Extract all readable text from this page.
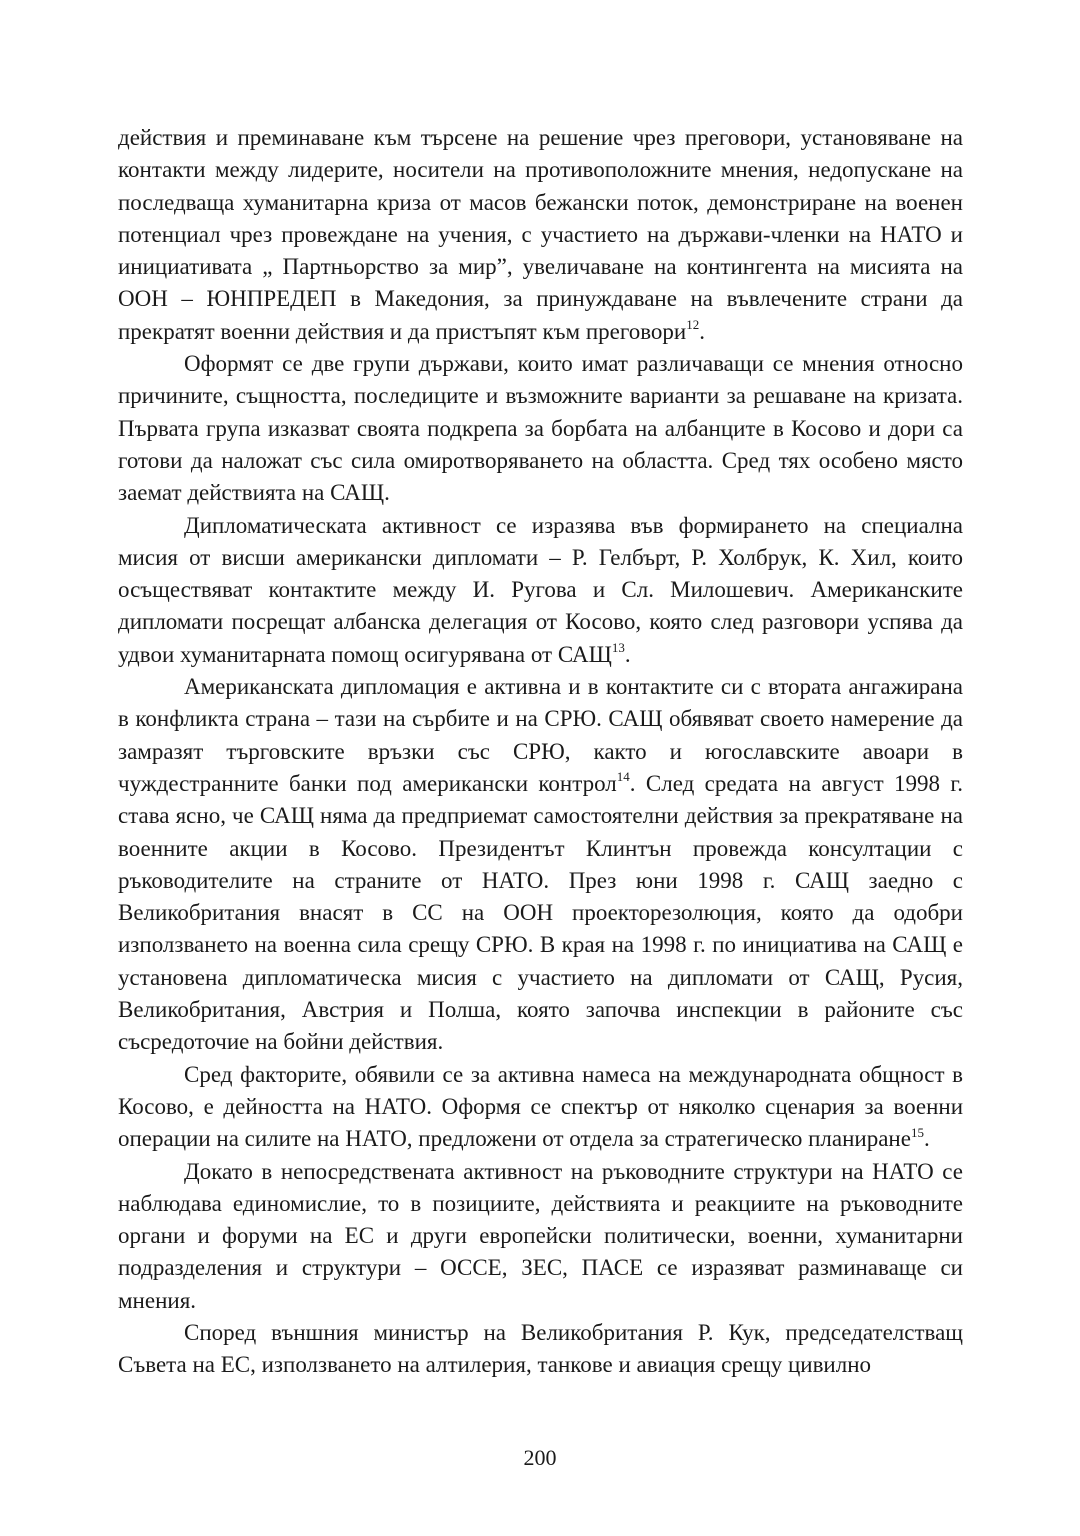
действия и преминаване към търсене на решение чрез преговори, установяване на контакти между лидерите, носители на противоположните мнения, недопускане на последваща хуманитарна криза от масов бежански поток, демонстриране на военен потенциал чрез провеждане на учения, с участието на държави-членки на НАТО и инициативата „ Партньорство за мир”, увеличаване на контингента на мисията на ООН – ЮНПРЕДЕП в Македония, за принуждаване на въвлечените страни да прекратят военни действия и да пристъпят към преговори$^{12}$.

Оформят се две групи държави, които имат различаващи се мнения относно причините, същността, последиците и възможните варианти за решаване на кризата. Първата група изказват своята подкрепа за борбата на албанците в Косово и дори са готови да наложат със сила омиротворяването на областта. Сред тях особено място заемат действията на САЩ.

Дипломатическата активност се изразява във формирането на специална мисия от висши американски дипломати – Р. Гелбърт, Р. Холбрук, К. Хил, които осъществяват контактите между И. Ругова и Сл. Милошевич. Американските дипломати посрещат албанска делегация от Косово, която след разговори успява да удвои хуманитарната помощ осигурявана от САЩ$^{13}$.

Американската дипломация е активна и в контактите си с втората ангажирана в конфликта страна – тази на сърбите и на СРЮ. САЩ обявяват своето намерение да замразят търговските връзки със СРЮ, както и югославските авоари в чуждестранните банки под американски контрол$^{14}$. След средата на август 1998 г. става ясно, че САЩ няма да предприемат самостоятелни действия за прекратяване на военните акции в Косово. Президентът Клинтън провежда консултации с ръководителите на страните от НАТО. През юни 1998 г. САЩ заедно с Великобритания внасят в СС на ООН проекторезолюция, която да одобри използването на военна сила срещу СРЮ. В края на 1998 г. по инициатива на САЩ е установена дипломатическа мисия с участието на дипломати от САЩ, Русия, Великобритания, Австрия и Полша, която започва инспекции в районите със съсредоточие на бойни действия.

Сред факторите, обявили се за активна намеса на международната общност в Косово, е дейността на НАТО. Оформя се спектър от няколко сценария за военни операции на силите на НАТО, предложени от отдела за стратегическо планиране$^{15}$.

Докато в непосредствената активност на ръководните структури на НАТО се наблюдава единомислие, то в позициите, действията и реакциите на ръководните органи и форуми на ЕС и други европейски политически, военни, хуманитарни подразделения и структури – ОССЕ, ЗЕС, ПАСЕ се изразяват разминаваще си мнения.

Според външния министър на Великобритания Р. Кук, председателстващ Съвета на ЕС, използването на алтилерия, танкове и авиация срещу цивилно

200
